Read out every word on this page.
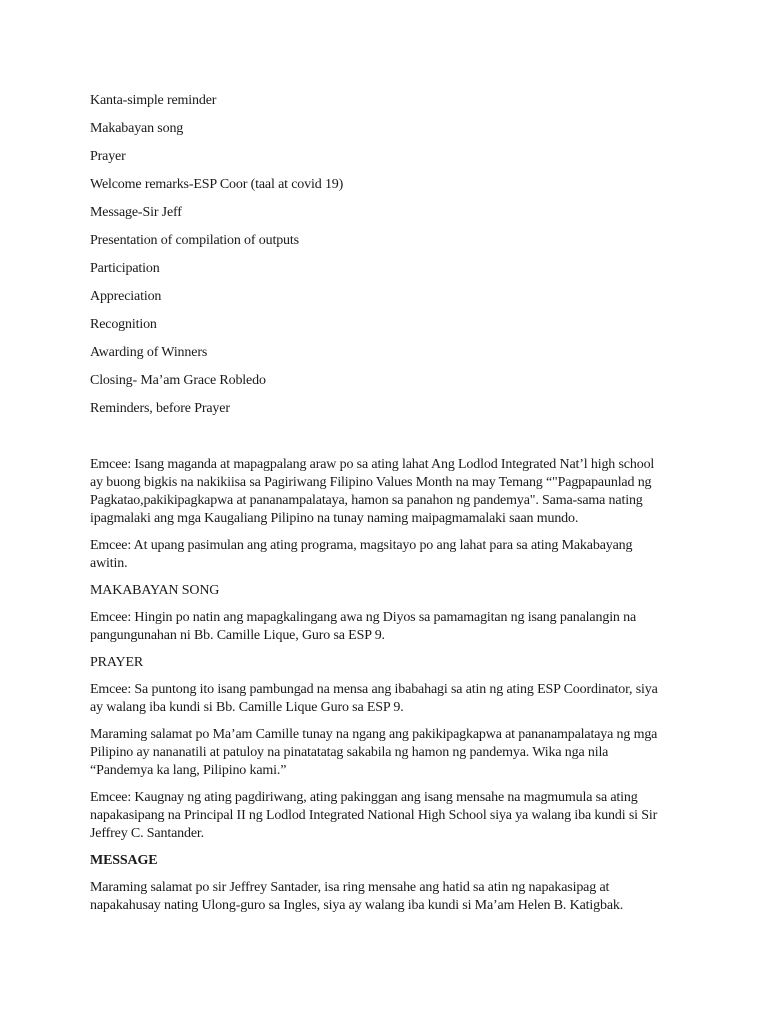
Kanta-simple reminder
Makabayan song
Prayer
Welcome remarks-ESP Coor (taal at covid 19)
Message-Sir Jeff
Presentation of compilation of outputs
Participation
Appreciation
Recognition
Awarding of Winners
Closing- Ma’am Grace Robledo
Reminders, before Prayer

Emcee: Isang maganda at mapagpalang araw po sa ating lahat Ang Lodlod Integrated Nat’l high school
ay buong bigkis na nakikiisa sa Pagiriwang Filipino Values Month na may Temang “"Pagpapaunlad ng
Pagkatao,pakikipagkapwa at pananampalataya, hamon sa panahon ng pandemya". Sama-sama nating
ipagmalaki ang mga Kaugaliang Pilipino na tunay naming maipagmamalaki saan mundo.

Emcee: At upang pasimulan ang ating programa, magsitayo po ang lahat para sa ating Makabayang
awitin.

MAKABAYAN SONG

Emcee: Hingin po natin ang mapagkalingang awa ng Diyos sa pamamagitan ng isang panalangin na
pangungunahan ni Bb. Camille Lique, Guro sa ESP 9.

PRAYER

Emcee: Sa puntong ito isang pambungad na mensa ang ibabahagi sa atin ng ating ESP Coordinator, siya
ay walang iba kundi si Bb. Camille Lique Guro sa ESP 9.

Maraming salamat po Ma’am Camille tunay na ngang ang pakikipagkapwa at pananampalataya ng mga
Pilipino ay nananatili at patuloy na pinatatatag sakabila ng hamon ng pandemya. Wika nga nila
“Pandemya ka lang, Pilipino kami.”

Emcee: Kaugnay ng ating pagdiriwang, ating pakinggan ang isang mensahe na magmumula sa ating
napakasipang na Principal II ng Lodlod Integrated National High School siya ya walang iba kundi si Sir
Jeffrey C. Santander.

MESSAGE

Maraming salamat po sir Jeffrey Santader, isa ring mensahe ang hatid sa atin ng napakasipag at
napakahusay nating Ulong-guro sa Ingles, siya ay walang iba kundi si Ma’am Helen B. Katigbak.
